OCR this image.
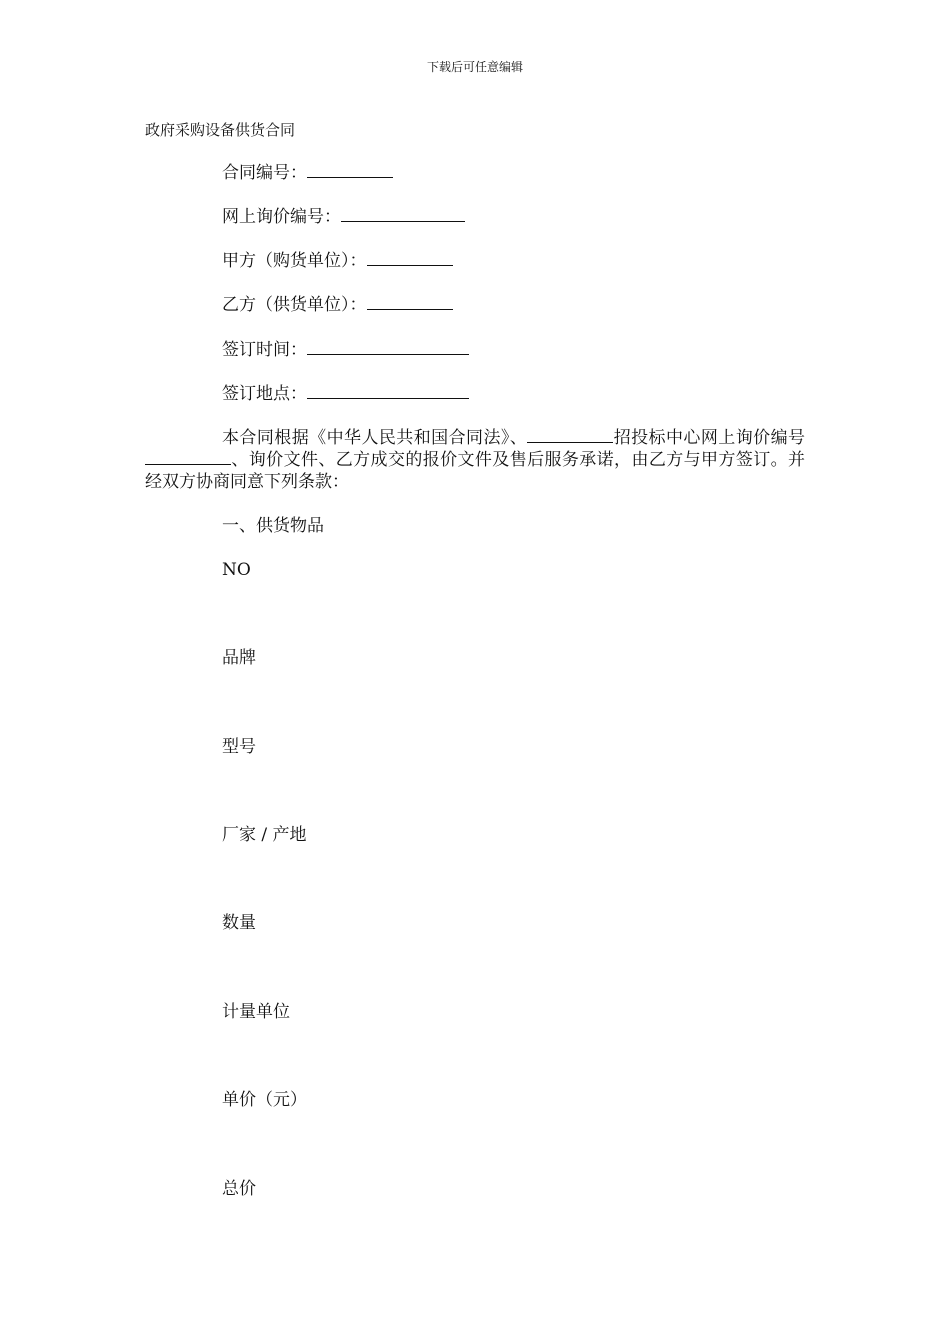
下载后可任意编辑
政府采购设备供货合同
合同编号：
网上询价编号：
甲方（购货单位）：
乙方（供货单位）：
签订时间：
签订地点：
本合同根据《中华人民共和国合同法》、	招投标中心网上询价编号、询价文件、乙方成交的报价文件及售后服务承诺，由乙方与甲方签订。并经双方协商同意下列条款：
一、供货物品
NO
品牌
型号
厂家 / 产地
数量
计量单位
单价（元）
总价
